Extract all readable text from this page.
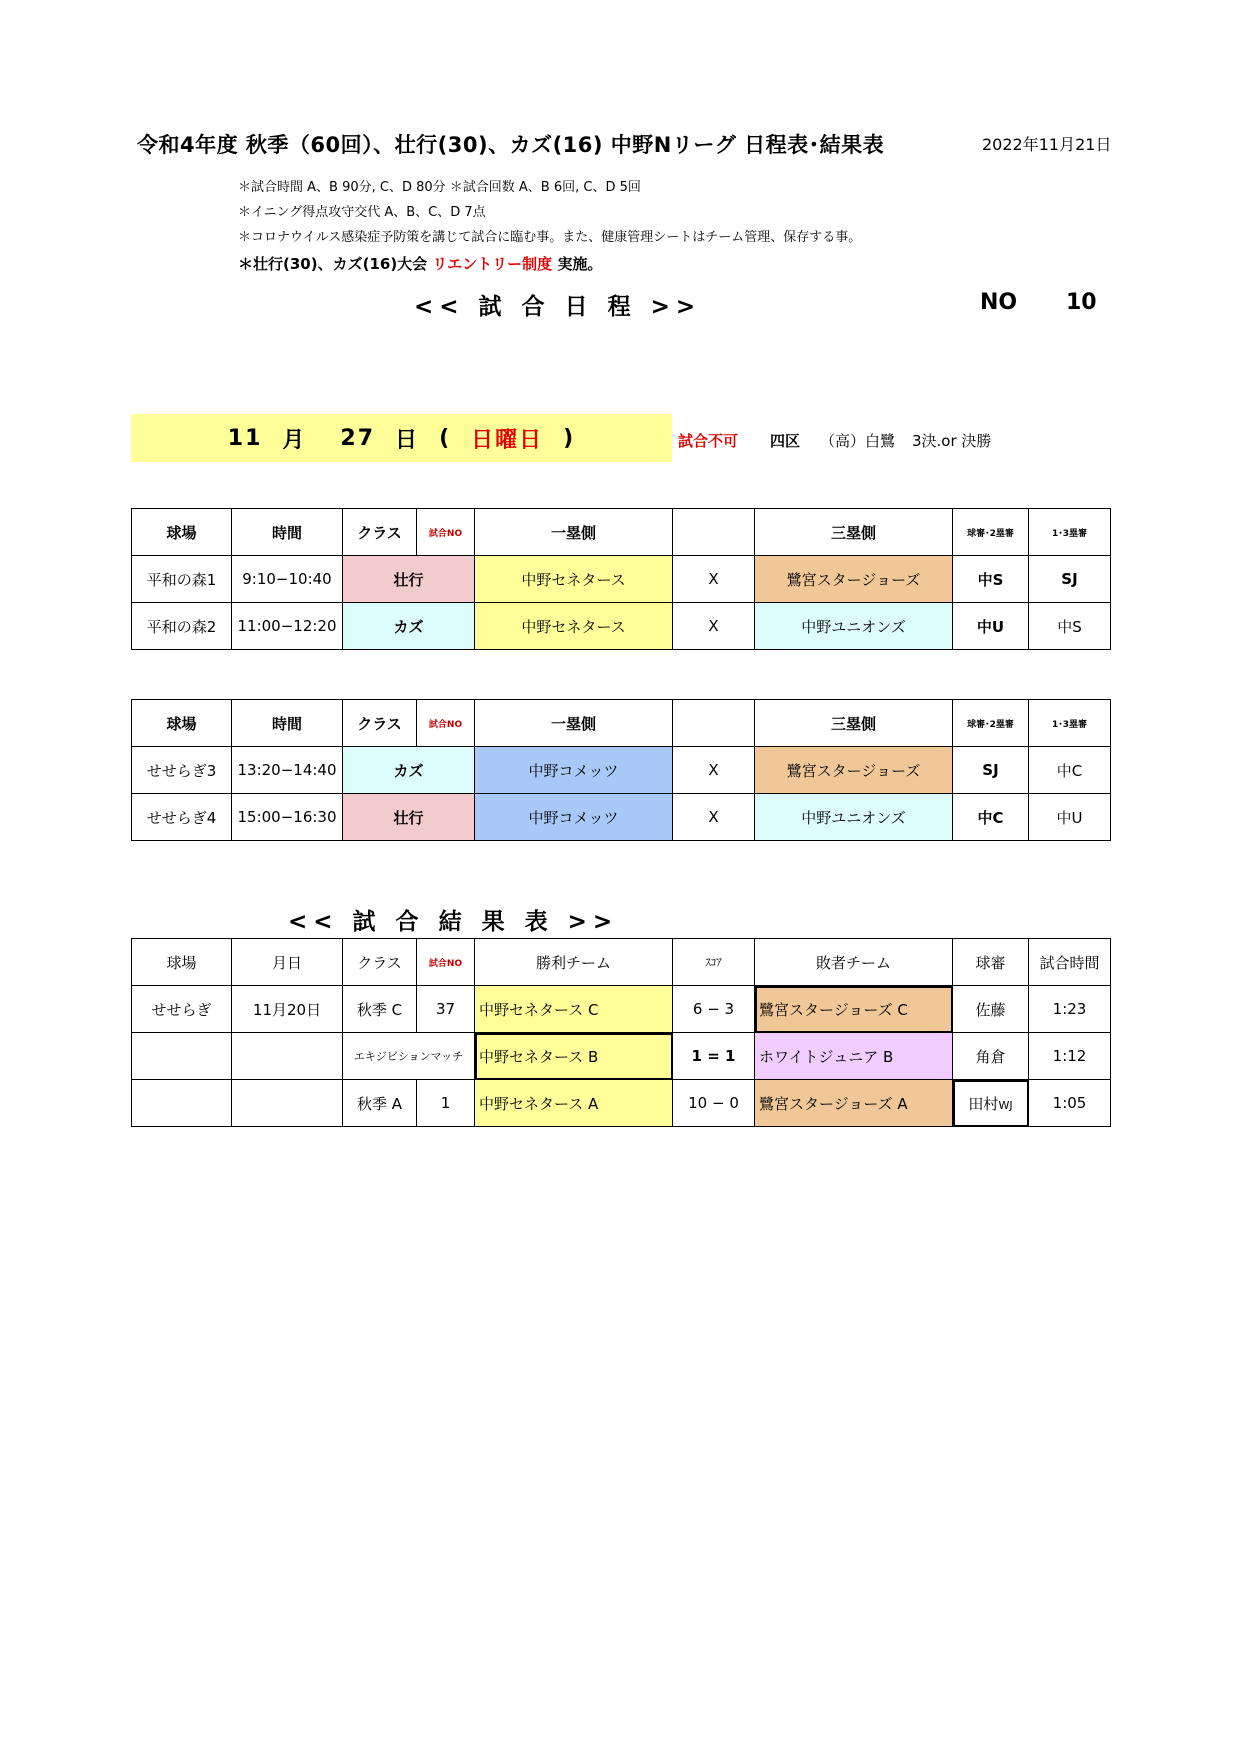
令和4年度 秋季（60回）、壮行(30)、カズ(16) 中野Nリーグ 日程表･結果表	2022年11月21日
＊試合時間 A、B 90分, C、D 80分 ＊試合回数 A、B 6回, C、D 5回
＊イニング得点攻守交代 A、B、C、D 7点
＊コロナウイルス感染症予防策を講じて試合に臨む事。また、健康管理シートはチーム管理、保存する事。
＊壮行(30)、カズ(16)大会 リエントリー制度 実施。
<< 試 合 日 程 >>	NO 10
11 月 27 日 ( 日曜日 )	試合不可 四区 （高）白鷺 3決.or 決勝
球場	時間	クラス	試合NO	一塁側		三塁側	球審･2塁審	1･3塁審
平和の森1	9:10−10:40	壮行		中野セネタース	X	鷺宮スタージョーズ	中S	SJ
平和の森2	11:00−12:20	カズ		中野セネタース	X	中野ユニオンズ	中U	中S
球場	時間	クラス	試合NO	一塁側		三塁側	球審･2塁審	1･3塁審
せせらぎ3	13:20−14:40	カズ		中野コメッツ	X	鷺宮スタージョーズ	SJ	中C
せせらぎ4	15:00−16:30	壮行		中野コメッツ	X	中野ユニオンズ	中C	中U
<< 試 合 結 果 表 >>
球場	月日	クラス	試合NO	勝利チーム	ｽｺｱ	敗者チーム	球審	試合時間
せせらぎ	11月20日	秋季 C	37	中野セネタース C	6 − 3	鷺宮スタージョーズ C	佐藤	1:23
		エキジビションマッチ		中野セネタース B	1 = 1	ホワイトジュニア B	角倉	1:12
		秋季 A	1	中野セネタース A	10 − 0	鷺宮スタージョーズ A	田村WJ	1:05
